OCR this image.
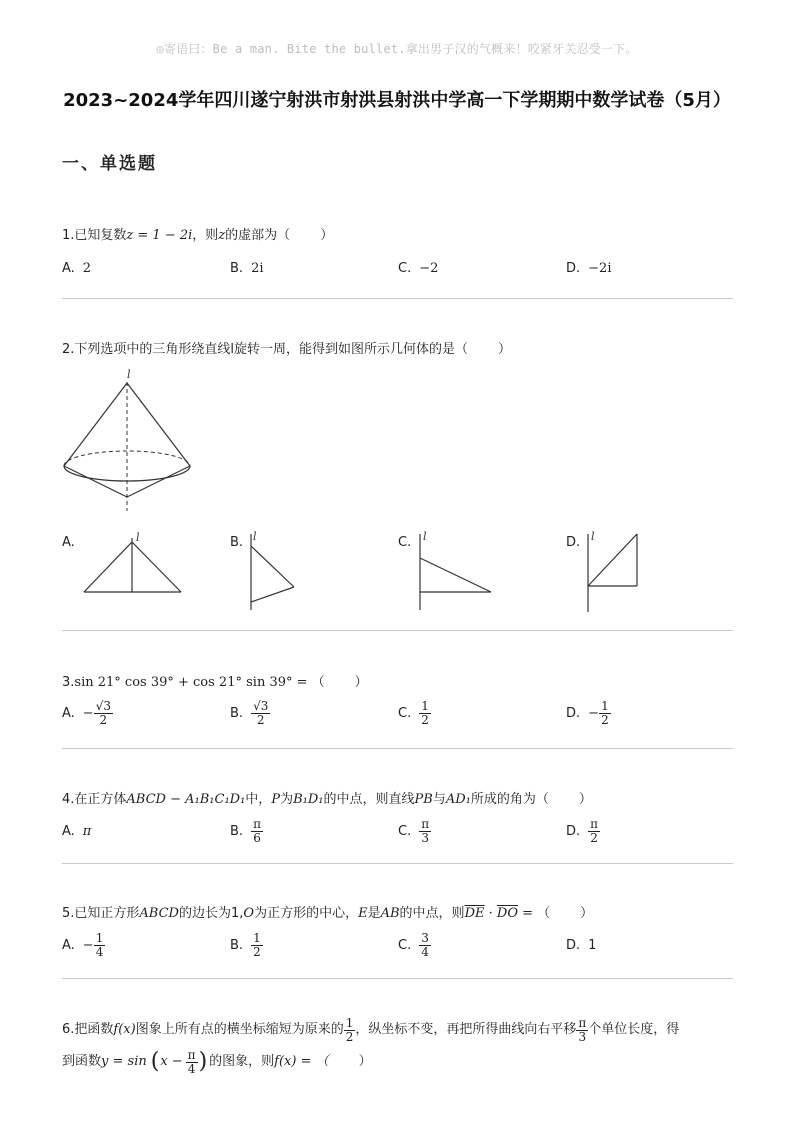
◎寄语曰：Be a man. Bite the bullet.拿出男子汉的气概来！咬紧牙关忍受一下。
2023~2024学年四川遂宁射洪市射洪县射洪中学高一下学期期中数学试卷（5月）
一、单选题
1.已知复数z = 1 − 2i，则z的虚部为（ ）
A. 2	B. 2i	C. −2	D. −2i
2.下列选项中的三角形绕直线l旋转一周，能得到如图所示几何体的是（ ）
l
A.	l	B. l	C. l	D. l
3.sin 21° cos 39° + cos 21° sin 39° = （ ）
A. − $\frac{√3}{2}$	B. $\frac{√3}{2}$	C. $\frac{1}{2}$	D. − $\frac{1}{2}$
4.在正方体ABCD − A₁B₁C₁D₁中，P为B₁D₁的中点，则直线PB与AD₁所成的角为（ ）
A. π	B. $\frac{\pi}{6}$	C. $\frac{\pi}{3}$	D. $\frac{\pi}{2}$
5.已知正方形ABCD的边长为1,O为正方形的中心，E是AB的中点，则$\overline{DE} \cdot \overline{DO}$ = （ ）
A. − $\frac{1}{4}$	B. $\frac{1}{2}$	C. $\frac{3}{4}$	D. 1
6. 把函数 f(x) 图象上所有点的横坐标缩短为原来的 $\frac{1}{2}$ ，纵坐标不变，再把所得曲线向右平移 $\frac{\pi}{3}$ 个单位长度，得
到函数 y = sin ( $x - \frac{\pi}{4}$ ) 的图象，则 f(x) = （ ）
